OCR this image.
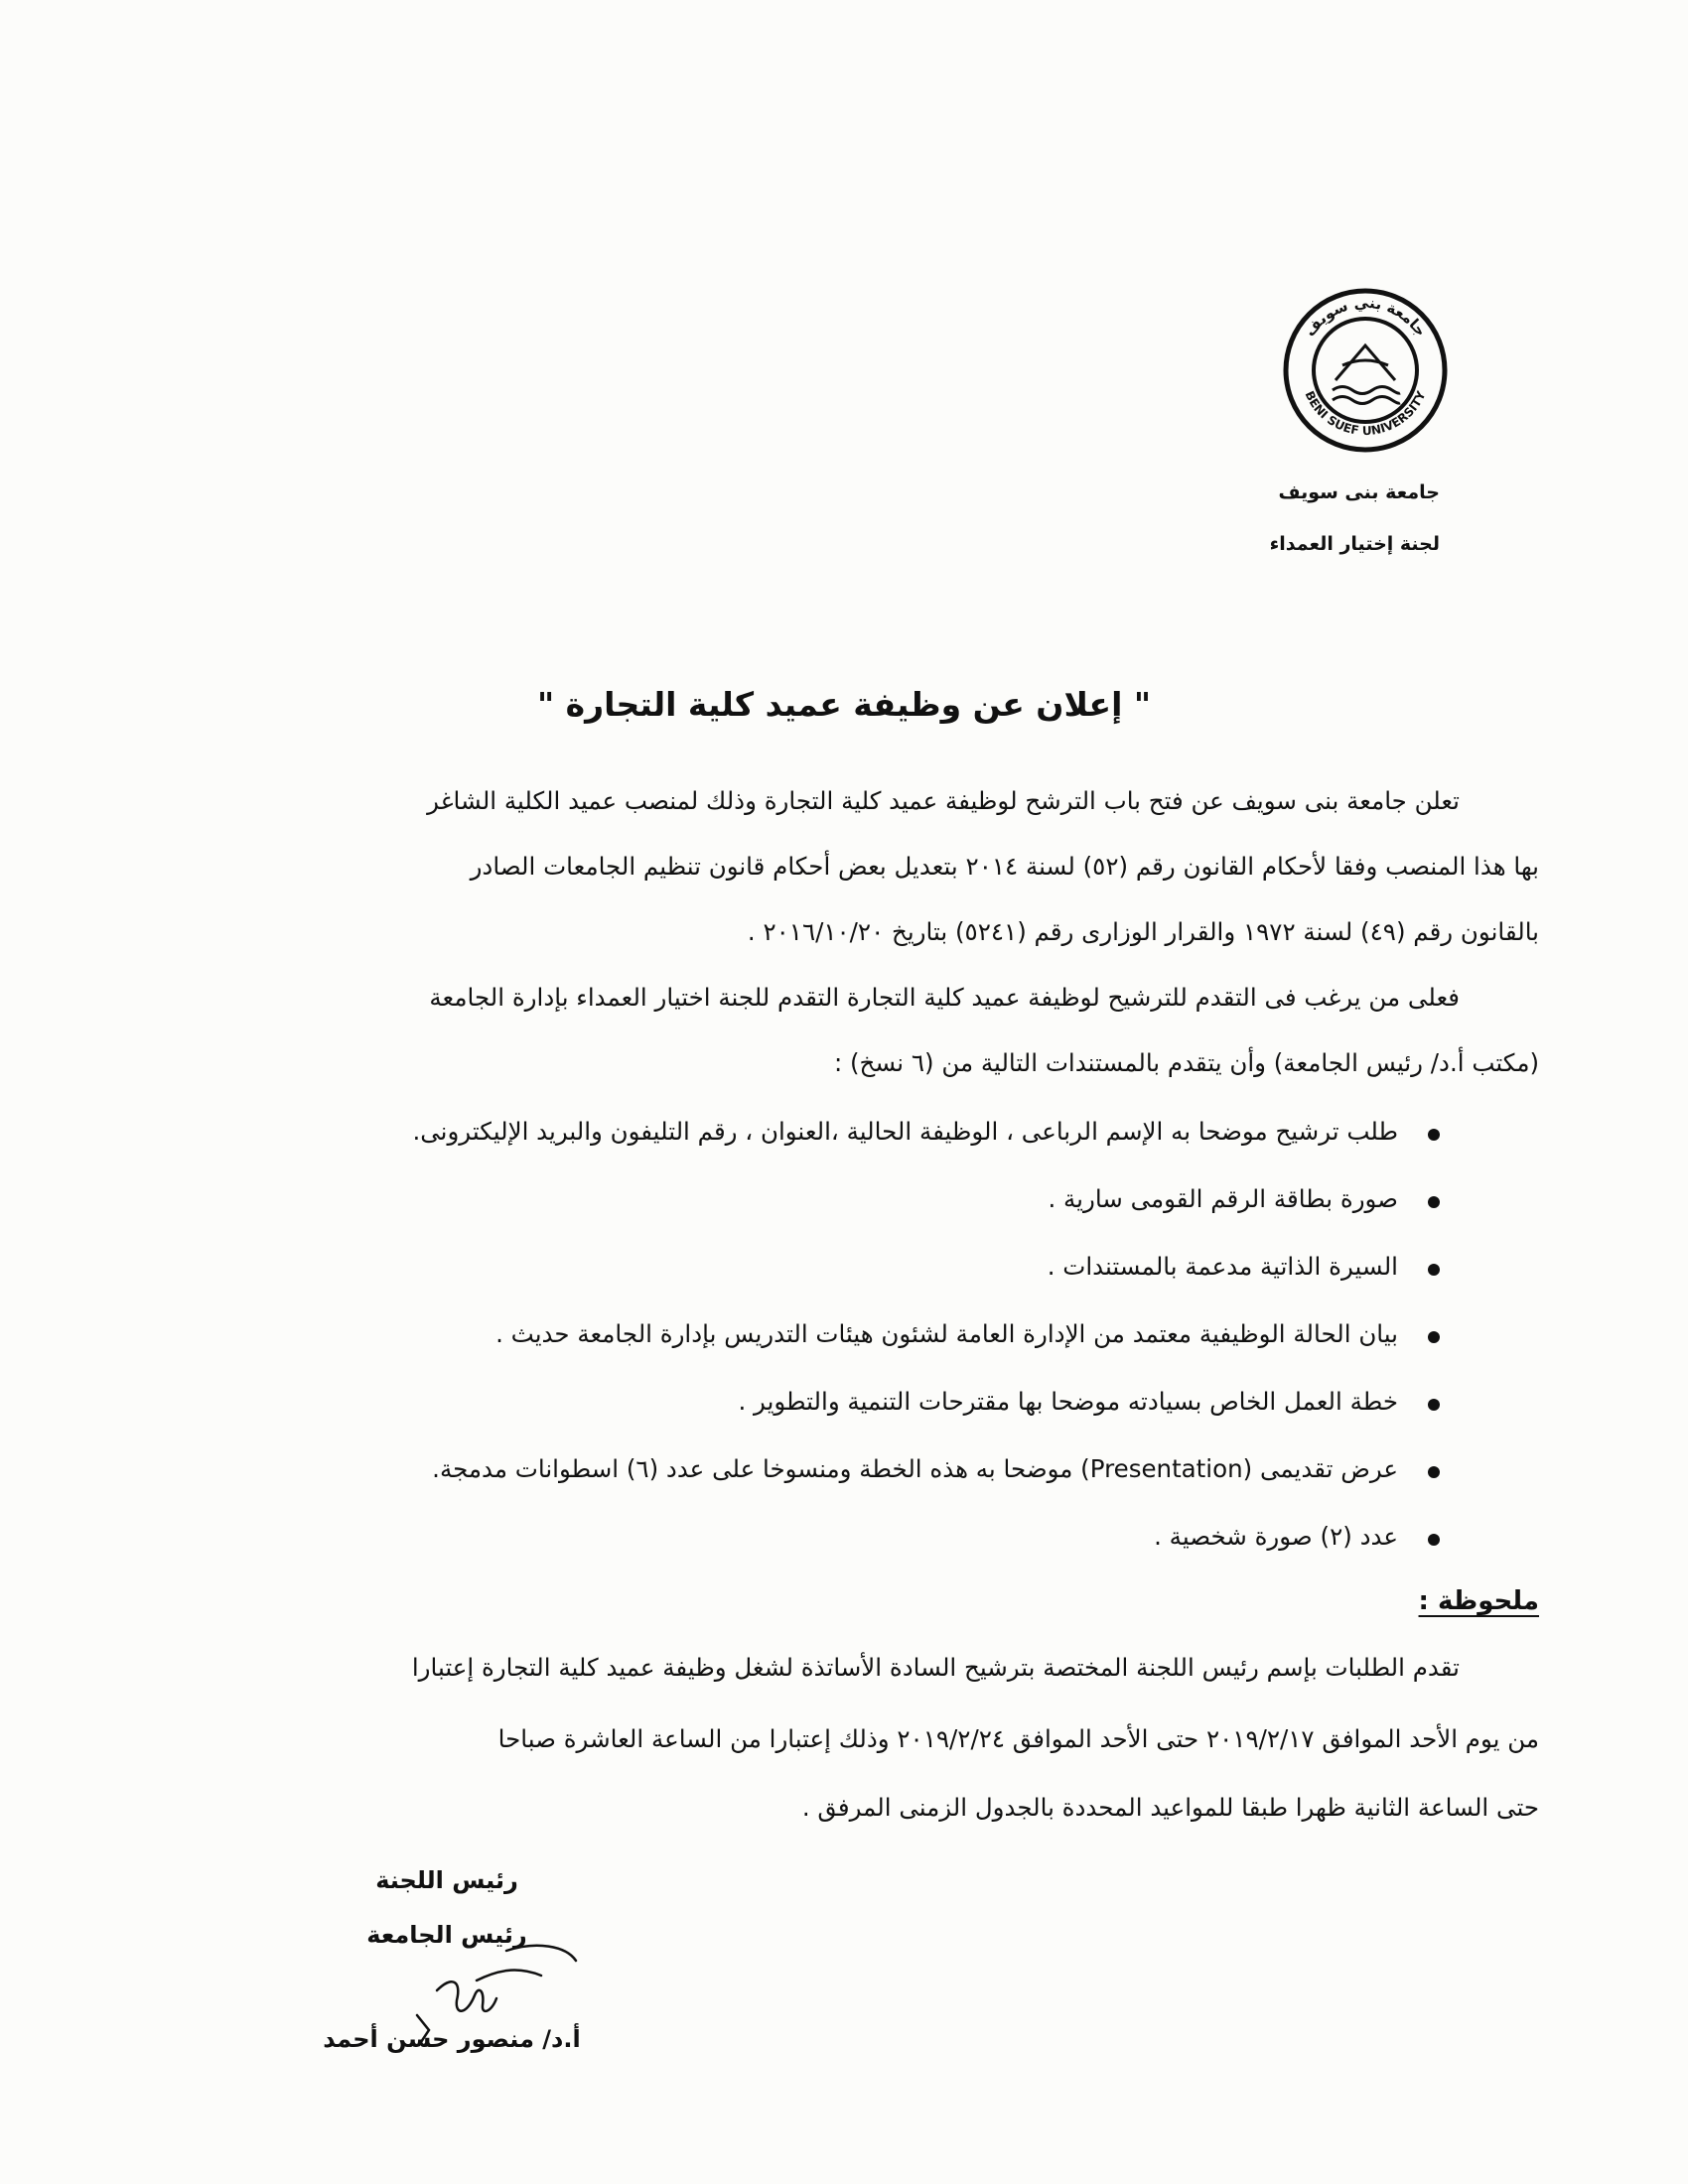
جامعة بني سويف
BENI SUEF UNIVERSITY
جامعة بنى سويف
لجنة إختيار العمداء
" إعلان عن وظيفة عميد كلية التجارة "
تعلن جامعة بنى سويف عن فتح باب الترشح لوظيفة عميد كلية التجارة وذلك لمنصب عميد الكلية الشاغر
بها هذا المنصب وفقا لأحكام القانون رقم (٥٢) لسنة ٢٠١٤ بتعديل بعض أحكام قانون تنظيم الجامعات الصادر
بالقانون رقم (٤٩) لسنة ١٩٧٢ والقرار الوزارى رقم (٥٢٤١) بتاريخ ٢٠١٦/١٠/٢٠ .
فعلى من يرغب فى التقدم للترشيح لوظيفة عميد كلية التجارة التقدم للجنة اختيار العمداء بإدارة الجامعة
(مكتب أ.د/ رئيس الجامعة) وأن يتقدم بالمستندات التالية من (٦ نسخ) :
طلب ترشيح موضحا به الإسم الرباعى ، الوظيفة الحالية ،العنوان ، رقم التليفون والبريد الإليكترونى.
صورة بطاقة الرقم القومى سارية .
السيرة الذاتية مدعمة بالمستندات .
بيان الحالة الوظيفية معتمد من الإدارة العامة لشئون هيئات التدريس بإدارة الجامعة حديث .
خطة العمل الخاص بسيادته موضحا بها مقترحات التنمية والتطوير .
عرض تقديمى (Presentation) موضحا به هذه الخطة ومنسوخا على عدد (٦) اسطوانات مدمجة.
عدد (٢) صورة شخصية .
ملحوظة :
تقدم الطلبات بإسم رئيس اللجنة المختصة بترشيح السادة الأساتذة لشغل وظيفة عميد كلية التجارة إعتبارا
من يوم الأحد الموافق ٢٠١٩/٢/١٧ حتى الأحد الموافق ٢٠١٩/٢/٢٤ وذلك إعتبارا من الساعة العاشرة صباحا
حتى الساعة الثانية ظهرا طبقا للمواعيد المحددة بالجدول الزمنى المرفق .
رئيس اللجنة
رئيس الجامعة
أ.د/ منصور حسن أحمد
